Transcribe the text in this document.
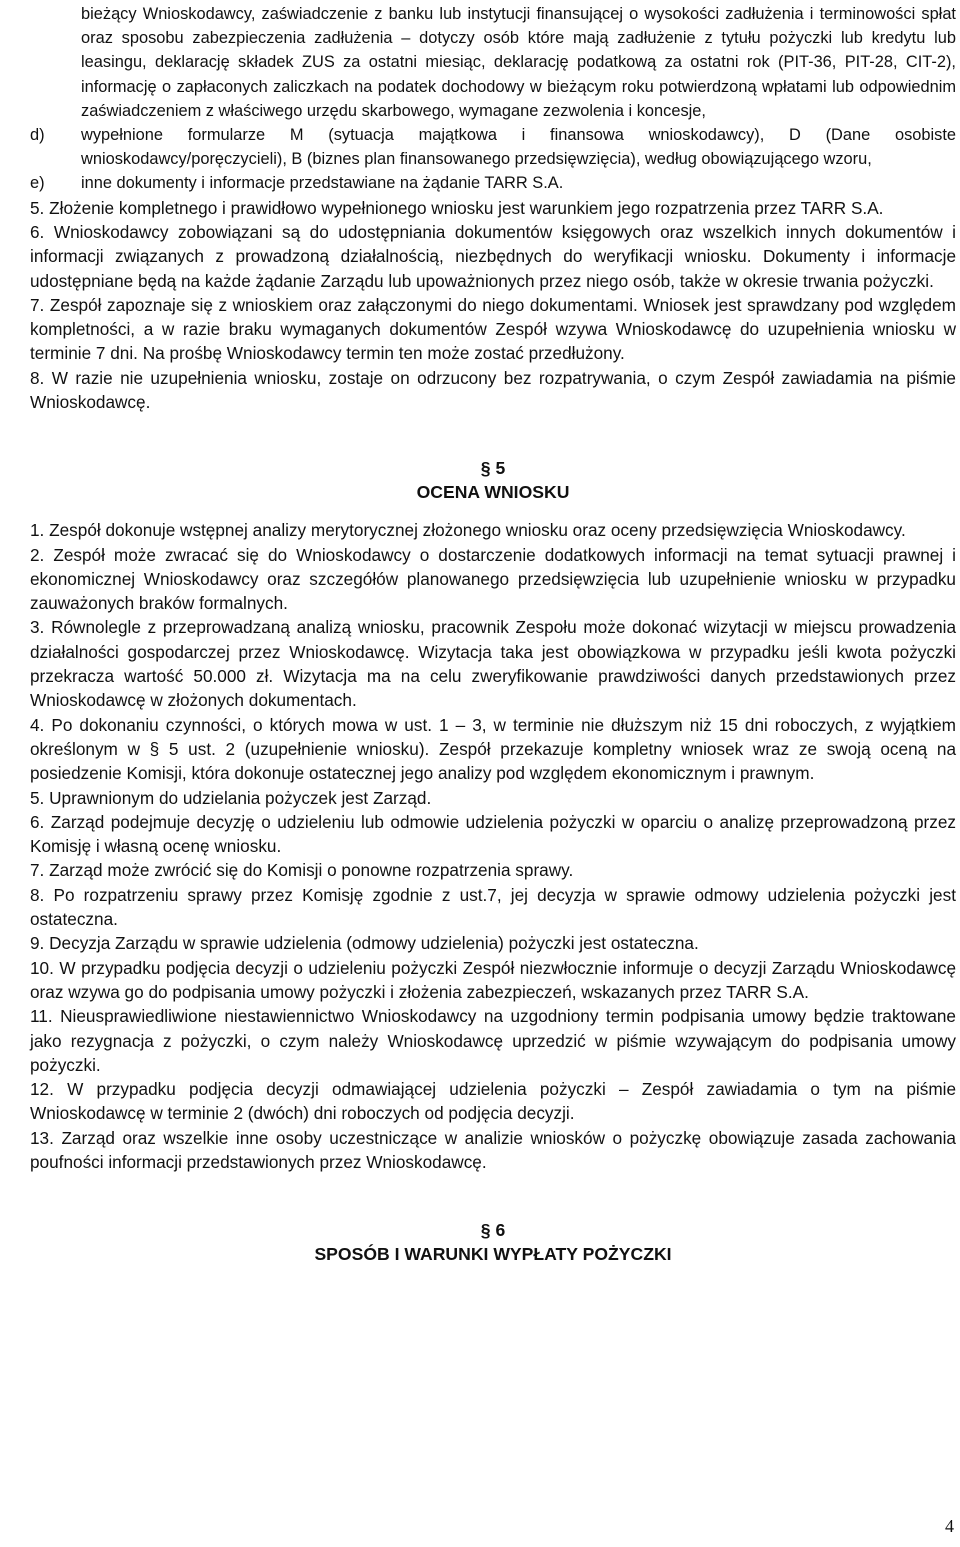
bieżący Wnioskodawcy, zaświadczenie z banku lub instytucji finansującej o wysokości zadłużenia i terminowości spłat oraz sposobu zabezpieczenia zadłużenia – dotyczy osób które mają zadłużenie z tytułu pożyczki lub kredytu lub leasingu, deklarację składek ZUS za ostatni miesiąc, deklarację podatkową za ostatni rok (PIT-36, PIT-28, CIT-2), informację o zapłaconych zaliczkach na podatek dochodowy w bieżącym roku potwierdzoną wpłatami lub odpowiednim zaświadczeniem z właściwego urzędu skarbowego, wymagane zezwolenia i koncesje,
d) wypełnione formularze M (sytuacja majątkowa i finansowa wnioskodawcy), D (Dane osobiste wnioskodawcy/poręczycieli), B (biznes plan finansowanego przedsięwzięcia), według obowiązującego wzoru,
e) inne dokumenty i informacje przedstawiane na żądanie TARR S.A.
5. Złożenie kompletnego i prawidłowo wypełnionego wniosku jest warunkiem jego rozpatrzenia przez TARR S.A.
6. Wnioskodawcy zobowiązani są do udostępniania dokumentów księgowych oraz wszelkich innych dokumentów i informacji związanych z prowadzoną działalnością, niezbędnych do weryfikacji wniosku. Dokumenty i informacje udostępniane będą na każde żądanie Zarządu lub upoważnionych przez niego osób, także w okresie trwania pożyczki.
7. Zespół zapoznaje się z wnioskiem oraz załączonymi do niego dokumentami. Wniosek jest sprawdzany pod względem kompletności, a w razie braku wymaganych dokumentów Zespół wzywa Wnioskodawcę do uzupełnienia wniosku w terminie 7 dni. Na prośbę Wnioskodawcy termin ten może zostać przedłużony.
8. W razie nie uzupełnienia wniosku, zostaje on odrzucony bez rozpatrywania, o czym Zespół zawiadamia na piśmie Wnioskodawcę.
§ 5
OCENA WNIOSKU
1. Zespół dokonuje wstępnej analizy merytorycznej złożonego wniosku oraz oceny przedsięwzięcia Wnioskodawcy.
2. Zespół może zwracać się do Wnioskodawcy o dostarczenie dodatkowych informacji na temat sytuacji prawnej i ekonomicznej Wnioskodawcy oraz szczegółów planowanego przedsięwzięcia lub uzupełnienie wniosku w przypadku zauważonych braków formalnych.
3. Równolegle z przeprowadzaną analizą wniosku, pracownik Zespołu może dokonać wizytacji w miejscu prowadzenia działalności gospodarczej przez Wnioskodawcę. Wizytacja taka jest obowiązkowa w przypadku jeśli kwota pożyczki przekracza wartość 50.000 zł. Wizytacja ma na celu zweryfikowanie prawdziwości danych przedstawionych przez Wnioskodawcę w złożonych dokumentach.
4. Po dokonaniu czynności, o których mowa w ust. 1 – 3, w terminie nie dłuższym niż 15 dni roboczych, z wyjątkiem określonym w § 5 ust. 2 (uzupełnienie wniosku). Zespół przekazuje kompletny wniosek wraz ze swoją oceną na posiedzenie Komisji, która dokonuje ostatecznej jego analizy pod względem ekonomicznym i prawnym.
5. Uprawnionym do udzielania pożyczek jest Zarząd.
6. Zarząd podejmuje decyzję o udzieleniu lub odmowie udzielenia pożyczki w oparciu o analizę przeprowadzoną przez Komisję i własną ocenę wniosku.
7. Zarząd może zwrócić się do Komisji o ponowne rozpatrzenia sprawy.
8. Po rozpatrzeniu sprawy przez Komisję zgodnie z ust.7, jej decyzja w sprawie odmowy udzielenia pożyczki jest ostateczna.
9. Decyzja Zarządu w sprawie udzielenia (odmowy udzielenia) pożyczki jest ostateczna.
10. W przypadku podjęcia decyzji o udzieleniu pożyczki Zespół niezwłocznie informuje o decyzji Zarządu Wnioskodawcę oraz wzywa go do podpisania umowy pożyczki i złożenia zabezpieczeń, wskazanych przez TARR S.A.
11. Nieusprawiedliwione niestawiennictwo Wnioskodawcy na uzgodniony termin podpisania umowy będzie traktowane jako rezygnacja z pożyczki, o czym należy Wnioskodawcę uprzedzić w piśmie wzywającym do podpisania umowy pożyczki.
12. W przypadku podjęcia decyzji odmawiającej udzielenia pożyczki – Zespół zawiadamia o tym na piśmie Wnioskodawcę w terminie 2 (dwóch) dni roboczych od podjęcia decyzji.
13. Zarząd oraz wszelkie inne osoby uczestniczące w analizie wniosków o pożyczkę obowiązuje zasada zachowania poufności informacji przedstawionych przez Wnioskodawcę.
§ 6
SPOSÓB I WARUNKI WYPŁATY POŻYCZKI
4
